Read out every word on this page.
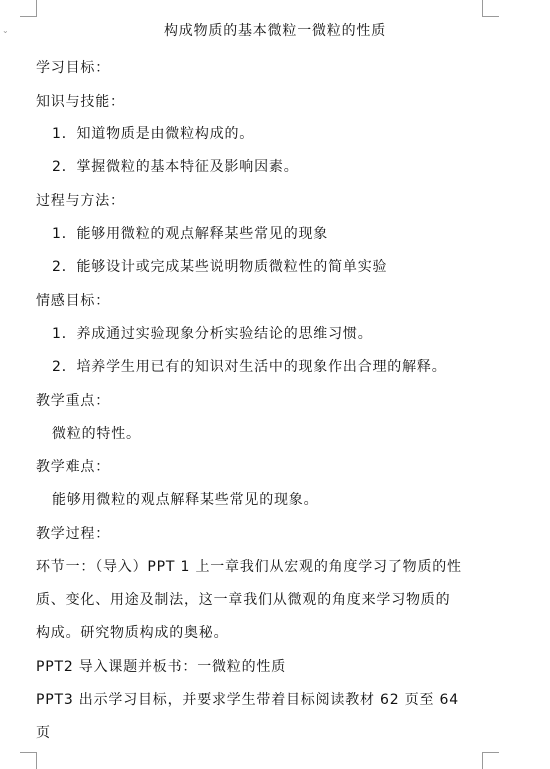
⌄	构成物质的基本微粒一微粒的性质
学习目标：
知识与技能：
1．知道物质是由微粒构成的。
2．掌握微粒的基本特征及影响因素。
过程与方法：
1．能够用微粒的观点解释某些常见的现象
2．能够设计或完成某些说明物质微粒性的简单实验
情感目标：
1．养成通过实验现象分析实验结论的思维习惯。
2．培养学生用已有的知识对生活中的现象作出合理的解释。
教学重点：
微粒的特性。
教学难点：
能够用微粒的观点解释某些常见的现象。
教学过程：
环节一：（导入）PPT 1 上一章我们从宏观的角度学习了物质的性
质、变化、用途及制法，这一章我们从微观的角度来学习物质的
构成。研究物质构成的奥秘。
PPT2 导入课题并板书：一微粒的性质
PPT3 出示学习目标，并要求学生带着目标阅读教材 62 页至 64
页
